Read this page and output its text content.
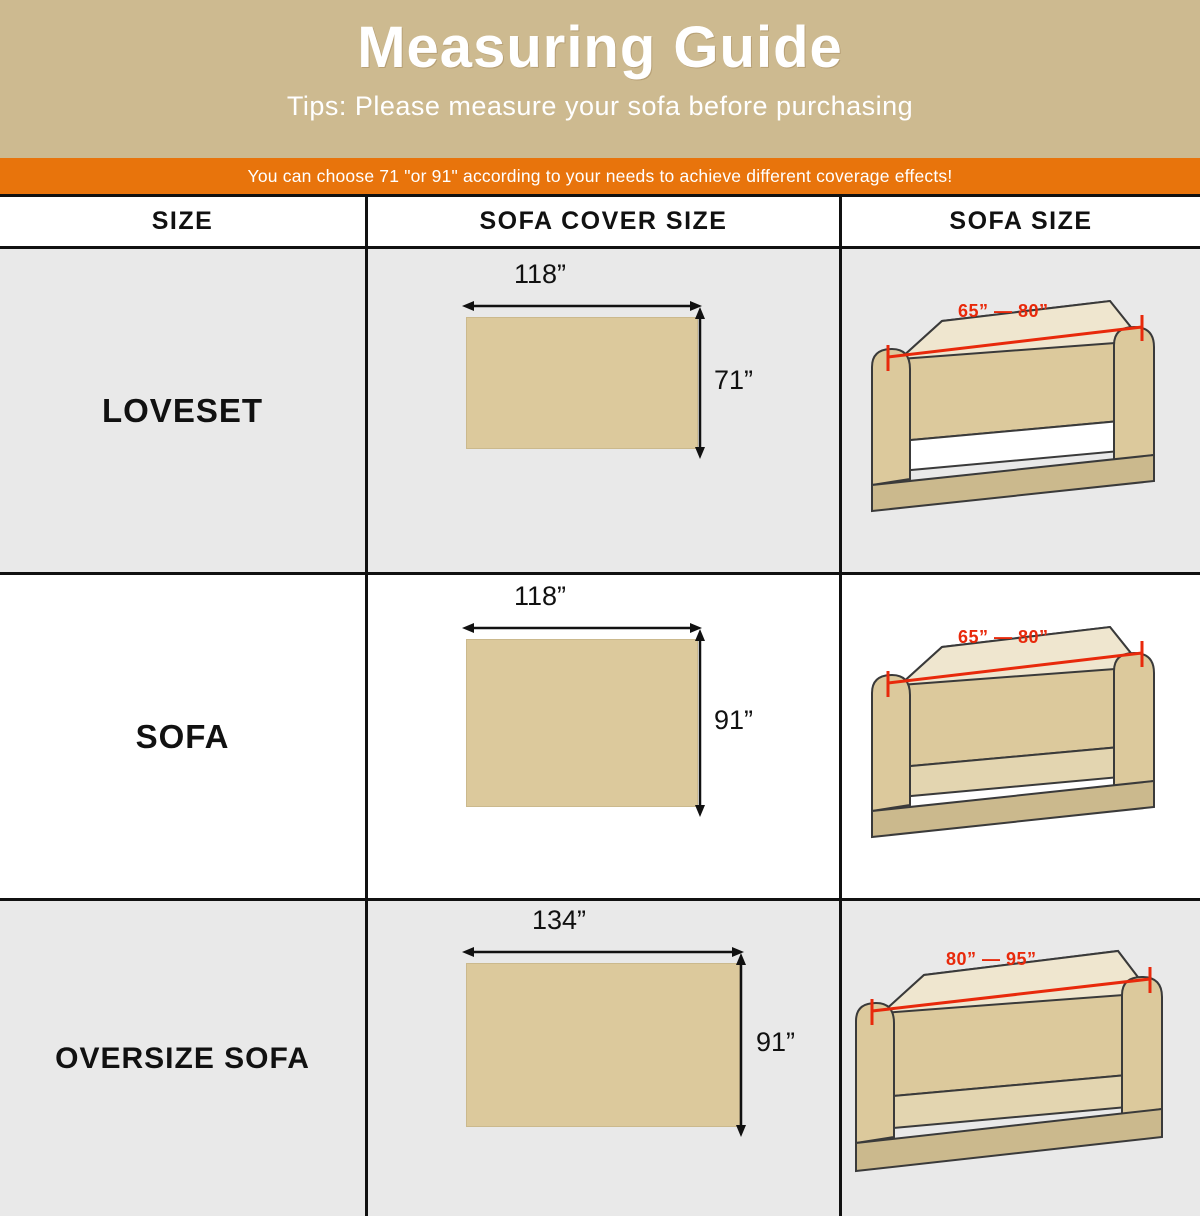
Measuring Guide
Tips: Please measure your sofa before purchasing
You can choose 71 "or 91" according to your needs to achieve different coverage effects!
SIZE	SOFA COVER SIZE	SOFA SIZE
LOVESET
118”
71”
65” — 80”
SOFA
118”
91”
65” — 80”
OVERSIZE SOFA
134”
91”
80” — 95”
